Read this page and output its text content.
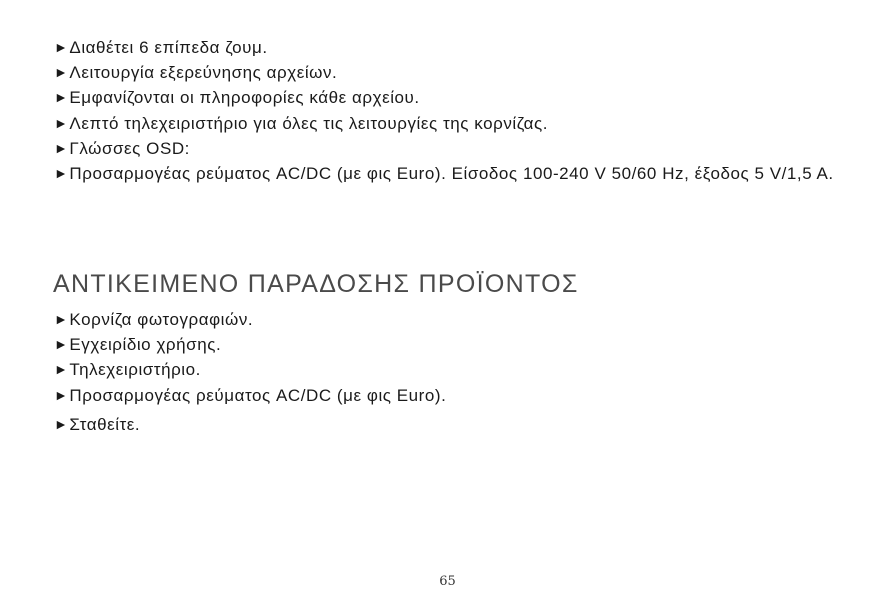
►Διαθέτει 6 επίπεδα ζουμ.
►Λειτουργία εξερεύνησης αρχείων.
►Εμφανίζονται οι πληροφορίες κάθε αρχείου.
►Λεπτό τηλεχειριστήριο για όλες τις λειτουργίες της κορνίζας.
►Γλώσσες OSD:
►Προσαρμογέας ρεύματος AC/DC (με φις Euro). Είσοδος 100-240 V 50/60 Hz, έξοδος 5 V/1,5 A.
ΑΝΤΙΚΕΙΜΕΝΟ ΠΑΡΑΔΟΣΗΣ ΠΡΟΪΟΝΤΟΣ
►Κορνίζα φωτογραφιών.
►Εγχειρίδιο χρήσης.
►Τηλεχειριστήριο.
►Προσαρμογέας ρεύματος AC/DC (με φις Euro).
►Σταθείτε.
65
